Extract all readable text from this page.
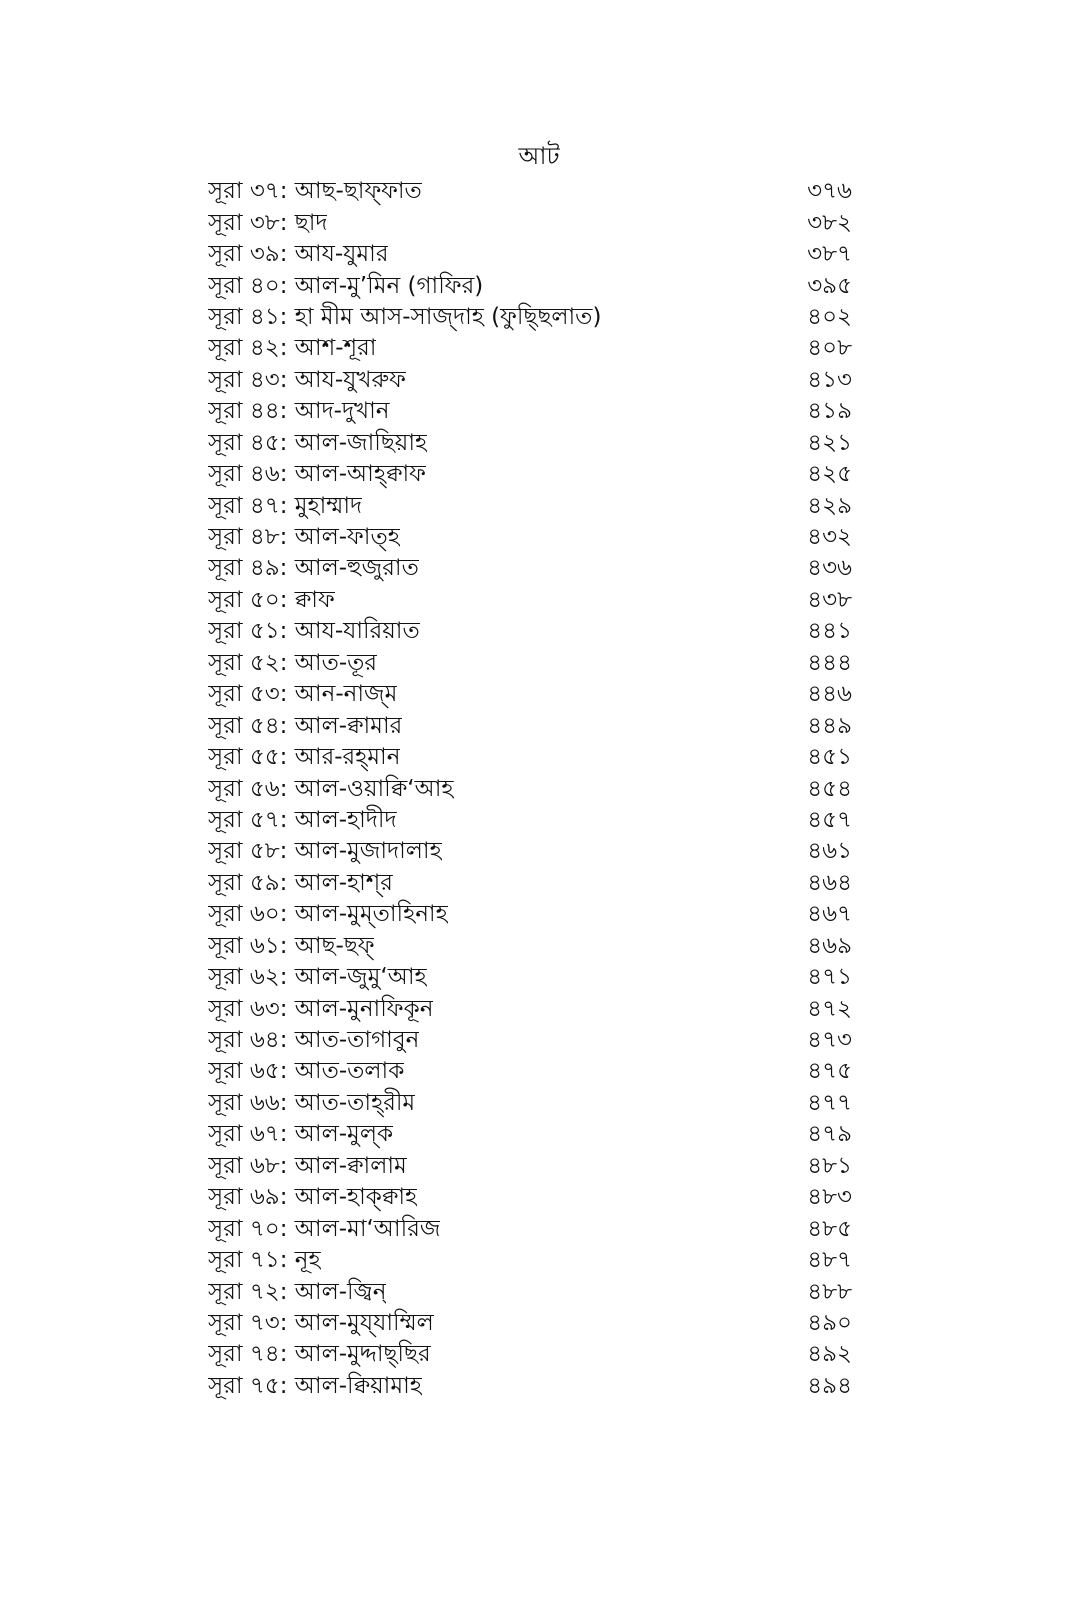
আট
সূরা ৩৭: আছ-ছাফ্‌ফাত	৩৭৬
সূরা ৩৮: ছাদ	৩৮২
সূরা ৩৯: আয-যুমার	৩৮৭
সূরা ৪০: আল-মু’মিন (গাফির)	৩৯৫
সূরা ৪১: হা মীম আস-সাজ্দাহ (ফুছ্ছিলাত)	৪০২
সূরা ৪২: আশ-শূরা	৪০৮
সূরা ৪৩: আয-যুখরুফ	৪১৩
সূরা ৪৪: আদ-দুখান	৪১৯
সূরা ৪৫: আল-জাছিয়াহ	৪২১
সূরা ৪৬: আল-আহ্‌ক্বাফ	৪২৫
সূরা ৪৭: মুহাম্মাদ	৪২৯
সূরা ৪৮: আল-ফাত্‌হ	৪৩২
সূরা ৪৯: আল-হুজুরাত	৪৩৬
সূরা ৫০: ক্বাফ	৪৩৮
সূরা ৫১: আয-যারিয়াত	৪৪১
সূরা ৫২: আত-তূর	৪৪৪
সূরা ৫৩: আন-নাজ্‌ম	৪৪৬
সূরা ৫৪: আল-ক্বামার	৪৪৯
সূরা ৫৫: আর-রহ্‌মান	৪৫১
সূরা ৫৬: আল-ওয়াক্বি‘আহ	৪৫৪
সূরা ৫৭: আল-হাদীদ	৪৫৭
সূরা ৫৮: আল-মুজাদালাহ	৪৬১
সূরা ৫৯: আল-হাশ্‌র	৪৬৪
সূরা ৬০: আল-মুম্‌তাহিনাহ	৪৬৭
সূরা ৬১: আছ-ছফ্‌	৪৬৯
সূরা ৬২: আল-জুমু‘আহ	৪৭১
সূরা ৬৩: আল-মুনাফিকূন	৪৭২
সূরা ৬৪: আত-তাগাবুন	৪৭৩
সূরা ৬৫: আত-তলাক	৪৭৫
সূরা ৬৬: আত-তাহ্‌রীম	৪৭৭
সূরা ৬৭: আল-মুল্‌ক	৪৭৯
সূরা ৬৮: আল-ক্বালাম	৪৮১
সূরা ৬৯: আল-হাক্‌ক্বাহ	৪৮৩
সূরা ৭০: আল-মা‘আরিজ	৪৮৫
সূরা ৭১: নূহ	৪৮৭
সূরা ৭২: আল-জ্বিন্	৪৮৮
সূরা ৭৩: আল-মুয্‌যাম্মিল	৪৯০
সূরা ৭৪: আল-মুদ্দাছ্‌ছির	৪৯২
সূরা ৭৫: আল-ক্বিয়ামাহ	৪৯৪
